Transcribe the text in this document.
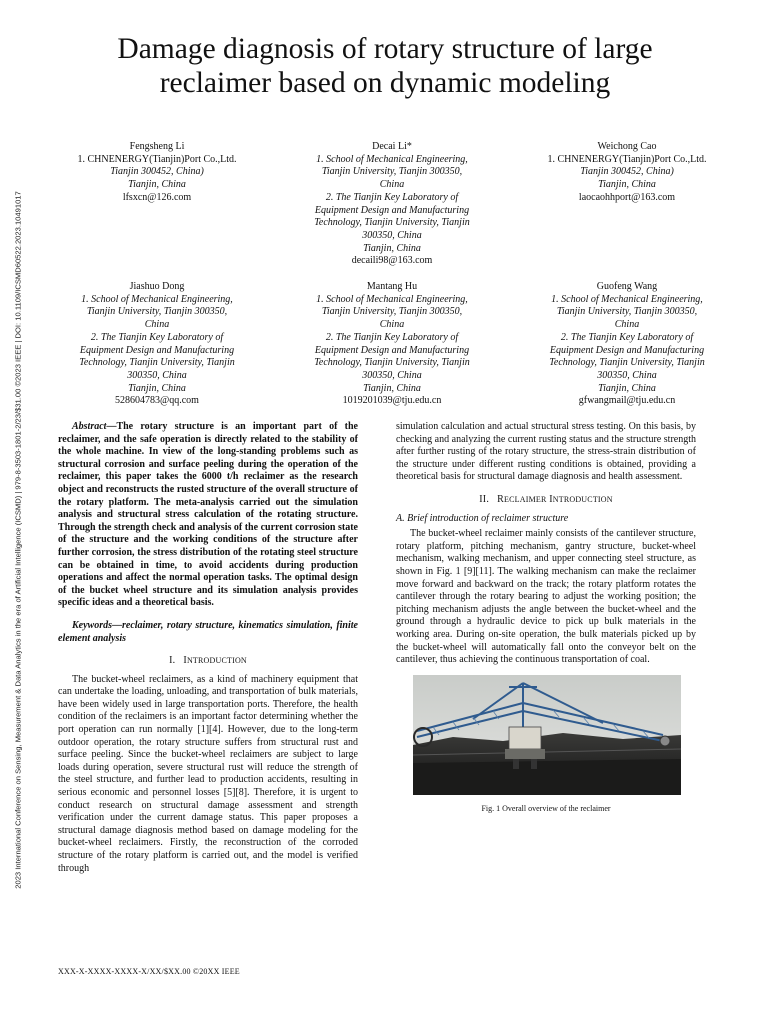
2023 International Conference on Sensing, Measurement & Data Analytics in the era of Artificial Intelligence (ICSMD) | 979-8-3503-1801-2/23/$31.00 ©2023 IEEE | DOI: 10.1109/ICSMD60522.2023.10491017
Damage diagnosis of rotary structure of large reclaimer based on dynamic modeling
Fengsheng Li
1. CHNENERGY(Tianjin)Port Co.,Ltd.
Tianjin 300452, China)
Tianjin, China
lfsxcn@126.com
Decai Li*
1. School of Mechanical Engineering,
Tianjin University, Tianjin 300350,
China
2. The Tianjin Key Laboratory of
Equipment Design and Manufacturing
Technology, Tianjin University, Tianjin
300350, China
Tianjin, China
decaili98@163.com
Weichong Cao
1. CHNENERGY(Tianjin)Port Co.,Ltd.
Tianjin 300452, China)
Tianjin, China
laocaohhport@163.com
Jiashuo Dong
1. School of Mechanical Engineering,
Tianjin University, Tianjin 300350,
China
2. The Tianjin Key Laboratory of
Equipment Design and Manufacturing
Technology, Tianjin University, Tianjin
300350, China
Tianjin, China
528604783@qq.com
Mantang Hu
1. School of Mechanical Engineering,
Tianjin University, Tianjin 300350,
China
2. The Tianjin Key Laboratory of
Equipment Design and Manufacturing
Technology, Tianjin University, Tianjin
300350, China
Tianjin, China
1019201039@tju.edu.cn
Guofeng Wang
1. School of Mechanical Engineering,
Tianjin University, Tianjin 300350,
China
2. The Tianjin Key Laboratory of
Equipment Design and Manufacturing
Technology, Tianjin University, Tianjin
300350, China
Tianjin, China
gfwangmail@tju.edu.cn

Abstract—The rotary structure is an important part of the reclaimer, and the safe operation is directly related to the stability of the whole machine. In view of the long-standing problems such as structural corrosion and surface peeling during the operation of the reclaimer, this paper takes the 6000 t/h reclaimer as the research object and reconstructs the rusted structure of the overall structure of the rotary platform. The meta-analysis carried out the simulation analysis and structural stress calculation of the rotating structure. Through the strength check and analysis of the current corrosion state of the structure and the working conditions of the structure after further corrosion, the stress distribution of the rotating steel structure can be obtained in time, to avoid accidents during production operations and affect the normal operation tasks. The optimal design of the bucket wheel structure and its simulation analysis provides specific ideas and a theoretical basis.

Keywords—reclaimer, rotary structure, kinematics simulation, finite element analysis

I. INTRODUCTION

The bucket-wheel reclaimers, as a kind of machinery equipment that can undertake the loading, unloading, and transportation of bulk materials, have been widely used in large transportation ports. Therefore, the health condition of the reclaimers is an important factor determining whether the port operation can run normally [1][4]. However, due to the long-term outdoor operation, the rotary structure suffers from structural rust and surface peeling. Since the bucket-wheel reclaimers are subject to large loads during operation, severe structural rust will reduce the strength of the steel structure, and further lead to production accidents, resulting in serious economic and personnel losses [5][8]. Therefore, it is urgent to conduct research on structural damage assessment and strength verification under the current damage status. This paper proposes a structural damage diagnosis method based on damage modeling for the bucket-wheel reclaimers. Firstly, the reconstruction of the corroded structure of the rotary platform is carried out, and the model is verified through

simulation calculation and actual structural stress testing. On this basis, by checking and analyzing the current rusting status and the structure strength after further rusting of the rotary structure, the stress-strain distribution of the structure under different rusting conditions is obtained, providing a theoretical basis for structural damage diagnosis and health assessment.

II. RECLAIMER INTRODUCTION

A. Brief introduction of reclaimer structure

The bucket-wheel reclaimer mainly consists of the cantilever structure, rotary platform, pitching mechanism, gantry structure, bucket-wheel mechanism, walking mechanism, and upper connecting steel structure, as shown in Fig. 1 [9][11]. The walking mechanism can make the reclaimer move forward and backward on the track; the rotary platform rotates the cantilever through the rotary bearing to adjust the working position; the pitching mechanism adjusts the angle between the bucket-wheel and the ground through a hydraulic device to pick up bulk materials in the working area. During on-site operation, the bulk materials picked up by the bucket-wheel will automatically fall onto the conveyor belt on the cantilever, thus achieving the continuous transportation of coal.

Fig. 1 Overall overview of the reclaimer

XXX-X-XXXX-XXXX-X/XX/$XX.00 ©20XX IEEE
